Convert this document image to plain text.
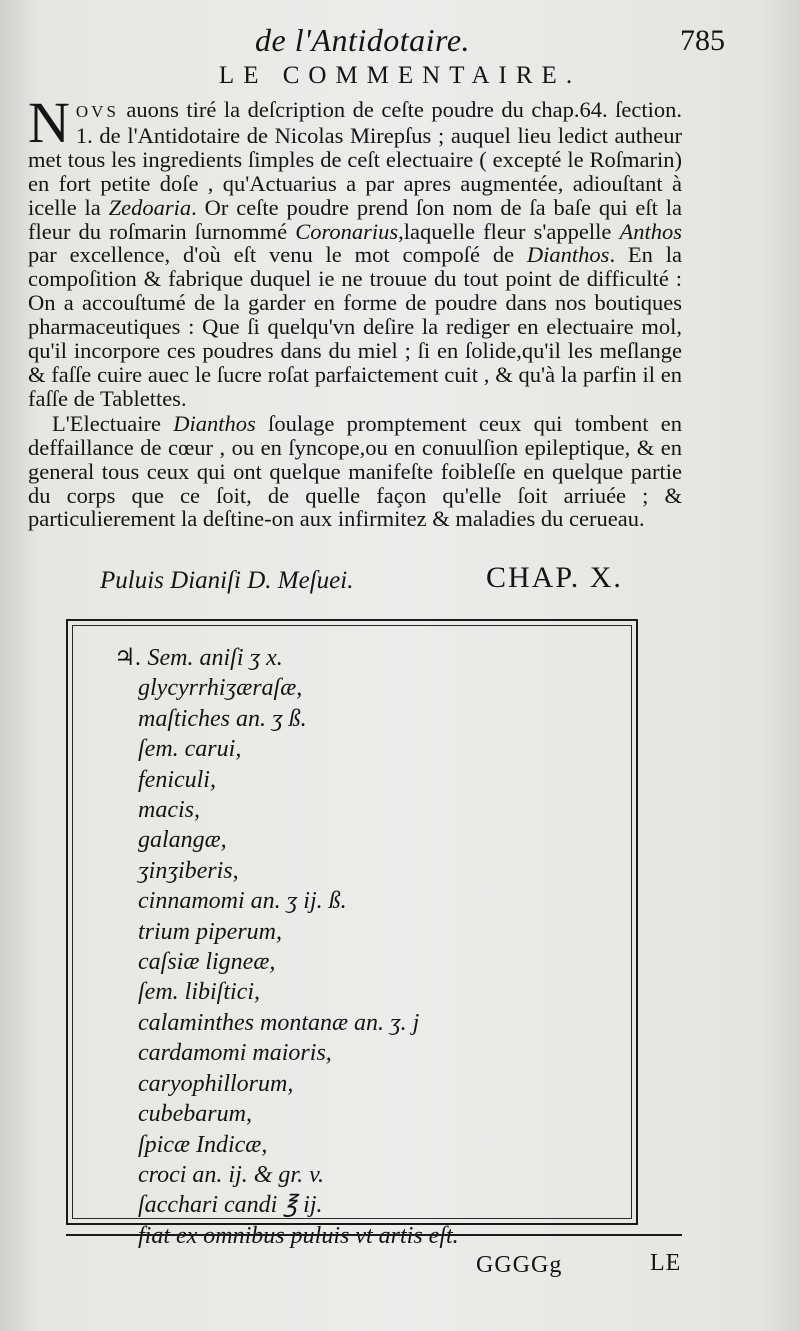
de l'Antidotaire.	785
LE COMMENTAIRE.

NOVS auons tiré la deſcription de ceſte poudre du chap.64. ſection. 1. de l'Antidotaire de Nicolas Mirepſus ; auquel lieu ledict autheur met tous les ingredients ſimples de ceſt electuaire ( excepté le Roſmarin) en fort petite doſe , qu'Actuarius a par apres augmentée, adiouſtant à icelle la Zedoaria. Or ceſte poudre prend ſon nom de ſa baſe qui eſt la fleur du roſmarin ſurnommé Coronarius,laquelle fleur s'appelle Anthos par excellence, d'où eſt venu le mot compoſé de Dianthos. En la compoſition & fabrique duquel ie ne trouue du tout point de difficulté : On a accouſtumé de la garder en forme de poudre dans nos boutiques pharmaceutiques : Que ſi quelqu'vn deſire la rediger en electuaire mol, qu'il incorpore ces poudres dans du miel ; ſi en ſolide,qu'il les meſlange & faſſe cuire auec le ſucre roſat parfaictement cuit , & qu'à la parfin il en faſſe de Tablettes.

L'Electuaire Dianthos ſoulage promptement ceux qui tombent en deffaillance de cœur , ou en ſyncope,ou en conuulſion epileptique, & en general tous ceux qui ont quelque manifeſte foibleſſe en quelque partie du corps que ce ſoit, de quelle façon qu'elle ſoit arriuée ; & particulierement la deſtine-on aux infirmitez & maladies du cerueau.

Puluis Dianiſi D. Meſuei.	CHAP. X.
♃. Sem. aniſi ʒ x.
glycyrrhiʒæraſæ,
maſtiches an. ʒ ß.
ſem. carui,
feniculi,
macis,
galangæ,
ʒinʒiberis,
cinnamomi an. ʒ ij. ß.
trium piperum,
caſsiæ ligneæ,
ſem. libiſtici,
calaminthes montanæ an. ʒ. j
cardamomi maioris,
caryophillorum,
cubebarum,
ſpicæ Indicæ,
croci an. ij. & gr. v.
ſacchari candi ℥ ij.
fiat ex omnibus puluis vt artis eſt.
GGGGg	LE
